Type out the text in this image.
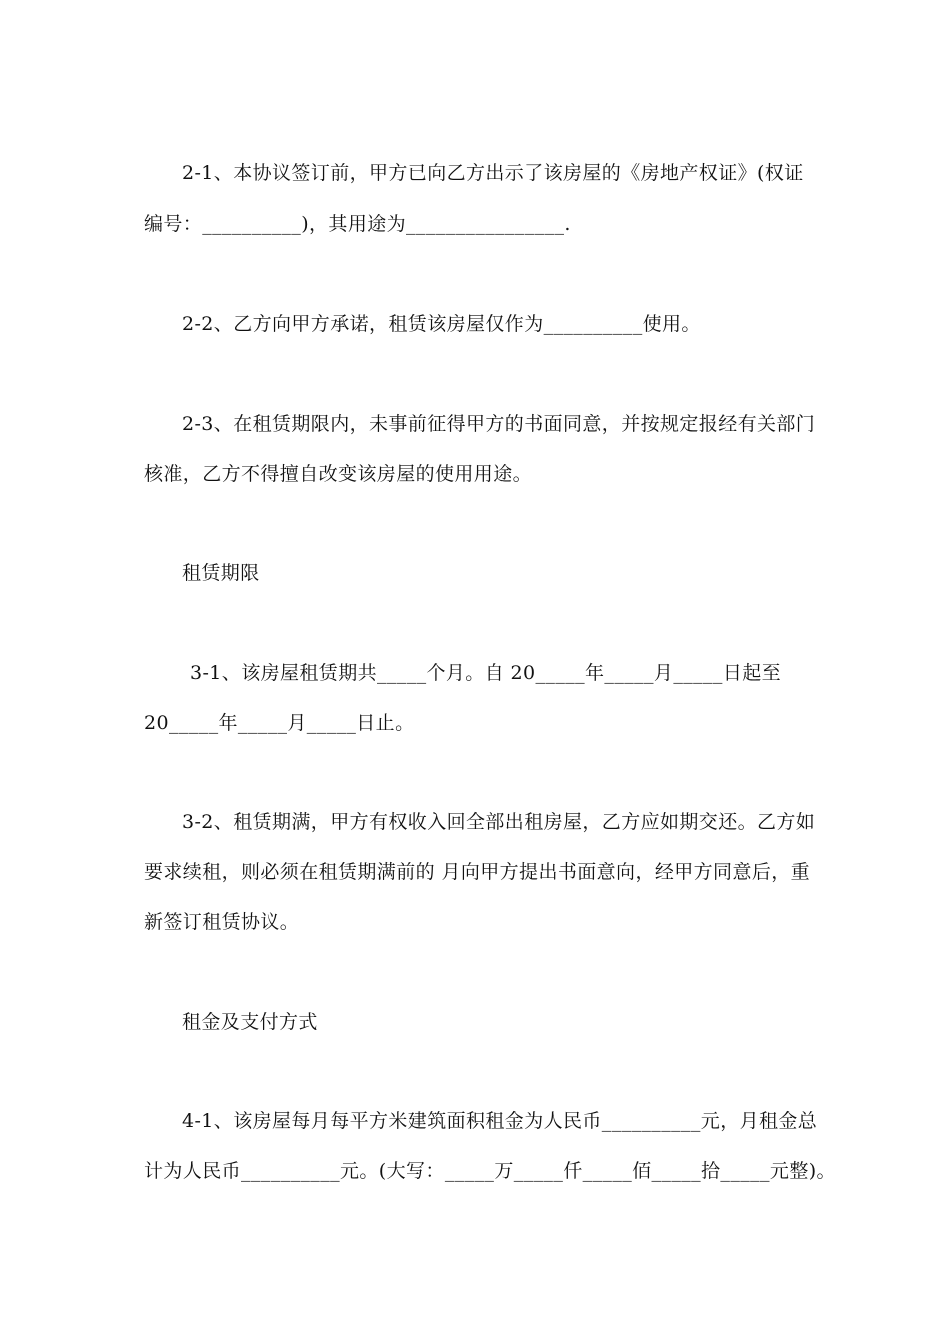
2-1、本协议签订前，甲方已向乙方出示了该房屋的《房地产权证》(权证
编号：__________)，其用途为________________.
2-2、乙方向甲方承诺，租赁该房屋仅作为__________使用。
2-3、在租赁期限内，未事前征得甲方的书面同意，并按规定报经有关部门
核准，乙方不得擅自改变该房屋的使用用途。
租赁期限
3-1、该房屋租赁期共_____个月。自 20_____年_____月_____日起至
20_____年_____月_____日止。
3-2、租赁期满，甲方有权收入回全部出租房屋，乙方应如期交还。乙方如
要求续租，则必须在租赁期满前的 月向甲方提出书面意向，经甲方同意后，重
新签订租赁协议。
租金及支付方式
4-1、该房屋每月每平方米建筑面积租金为人民币__________元，月租金总
计为人民币__________元。(大写：_____万_____仟_____佰_____拾_____元整)。
